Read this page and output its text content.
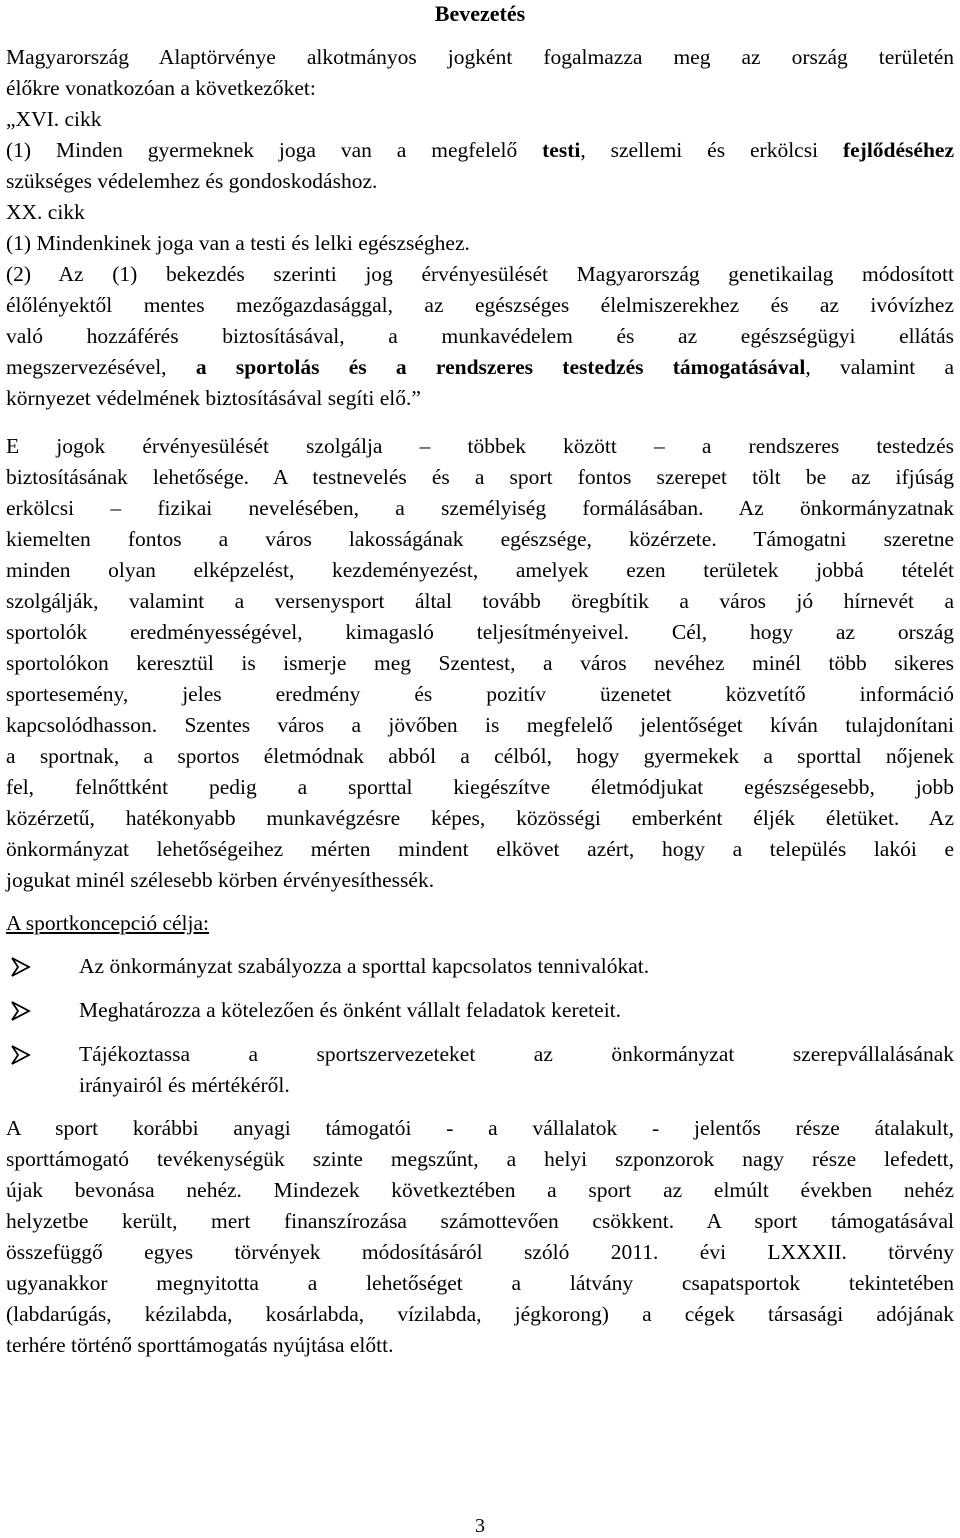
Bevezetés
Magyarország Alaptörvénye alkotmányos jogként fogalmazza meg az ország területén
élőkre vonatkozóan a következőket:
„XVI. cikk
(1) Minden gyermeknek joga van a megfelelő testi, szellemi és erkölcsi fejlődéséhez
szükséges védelemhez és gondoskodáshoz.
XX. cikk
(1) Mindenkinek joga van a testi és lelki egészséghez.
(2) Az (1) bekezdés szerinti jog érvényesülését Magyarország genetikailag módosított
élőlényektől mentes mezőgazdasággal, az egészséges élelmiszerekhez és az ivóvízhez
való hozzáférés biztosításával, a munkavédelem és az egészségügyi ellátás
megszervezésével, a sportolás és a rendszeres testedzés támogatásával, valamint a
környezet védelmének biztosításával segíti elő.”
E jogok érvényesülését szolgálja – többek között – a rendszeres testedzés
biztosításának lehetősége. A testnevelés és a sport fontos szerepet tölt be az ifjúság
erkölcsi – fizikai nevelésében, a személyiség formálásában. Az önkormányzatnak
kiemelten fontos a város lakosságának egészsége, közérzete. Támogatni szeretne
minden olyan elképzelést, kezdeményezést, amelyek ezen területek jobbá tételét
szolgálják, valamint a versenysport által tovább öregbítik a város jó hírnevét a
sportolók eredményességével, kimagasló teljesítményeivel. Cél, hogy az ország
sportolókon keresztül is ismerje meg Szentest, a város nevéhez minél több sikeres
sportesemény, jeles eredmény és pozitív üzenetet közvetítő információ
kapcsolódhasson. Szentes város a jövőben is megfelelő jelentőséget kíván tulajdonítani
a sportnak, a sportos életmódnak abból a célból, hogy gyermekek a sporttal nőjenek
fel, felnőttként pedig a sporttal kiegészítve életmódjukat egészségesebb, jobb
közérzetű, hatékonyabb munkavégzésre képes, közösségi emberként éljék életüket. Az
önkormányzat lehetőségeihez mérten mindent elkövet azért, hogy a település lakói e
jogukat minél szélesebb körben érvényesíthessék.
A sportkoncepció célja:
Az önkormányzat szabályozza a sporttal kapcsolatos tennivalókat.
Meghatározza a kötelezően és önként vállalt feladatok kereteit.
Tájékoztassa a sportszervezeteket az önkormányzat szerepvállalásának
irányairól és mértékéről.
A sport korábbi anyagi támogatói - a vállalatok - jelentős része átalakult,
sporttámogató tevékenységük szinte megszűnt, a helyi szponzorok nagy része lefedett,
újak bevonása nehéz. Mindezek következtében a sport az elmúlt években nehéz
helyzetbe került, mert finanszírozása számottevően csökkent. A sport támogatásával
összefüggő egyes törvények módosításáról szóló 2011. évi LXXXII. törvény
ugyanakkor megnyitotta a lehetőséget a látvány csapatsportok tekintetében
(labdarúgás, kézilabda, kosárlabda, vízilabda, jégkorong) a cégek társasági adójának
terhére történő sporttámogatás nyújtása előtt.
3
